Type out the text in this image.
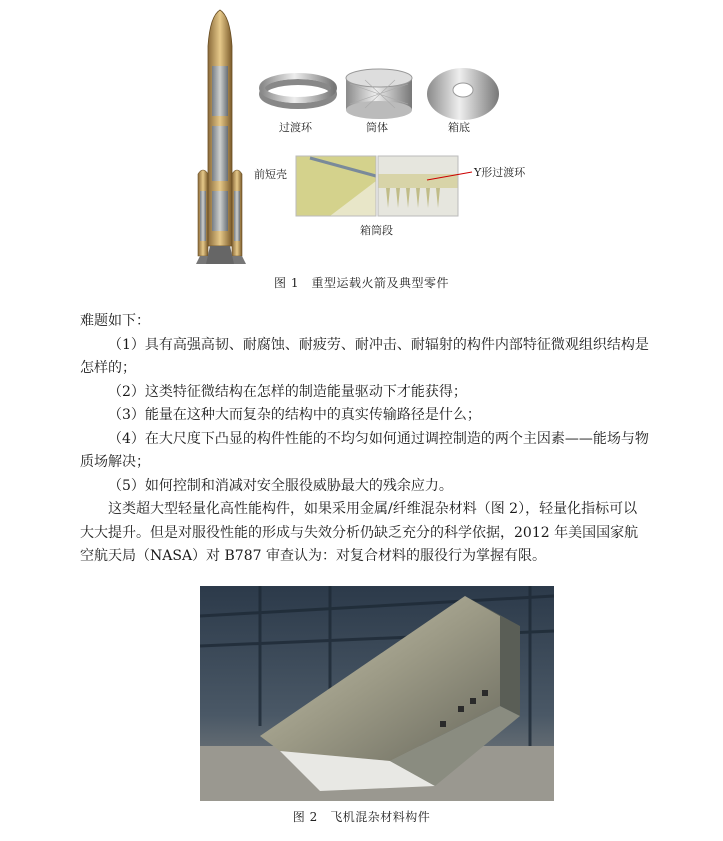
过渡环	筒体	箱底
前短壳	Y形过渡环
箱筒段
图 1　重型运载火箭及典型零件

难题如下：

（1）具有高强高韧、耐腐蚀、耐疲劳、耐冲击、耐辐射的构件内部特征微观组织结构是怎样的；

（2）这类特征微结构在怎样的制造能量驱动下才能获得；

（3）能量在这种大而复杂的结构中的真实传输路径是什么；

（4）在大尺度下凸显的构件性能的不均匀如何通过调控制造的两个主因素——能场与物质场解决；

（5）如何控制和消减对安全服役威胁最大的残余应力。

这类超大型轻量化高性能构件，如果采用金属/纤维混杂材料（图 2），轻量化指标可以大大提升。但是对服役性能的形成与失效分析仍缺乏充分的科学依据，2012 年美国国家航空航天局（NASA）对 B787 审查认为：对复合材料的服役行为掌握有限。

图 2　飞机混杂材料构件
